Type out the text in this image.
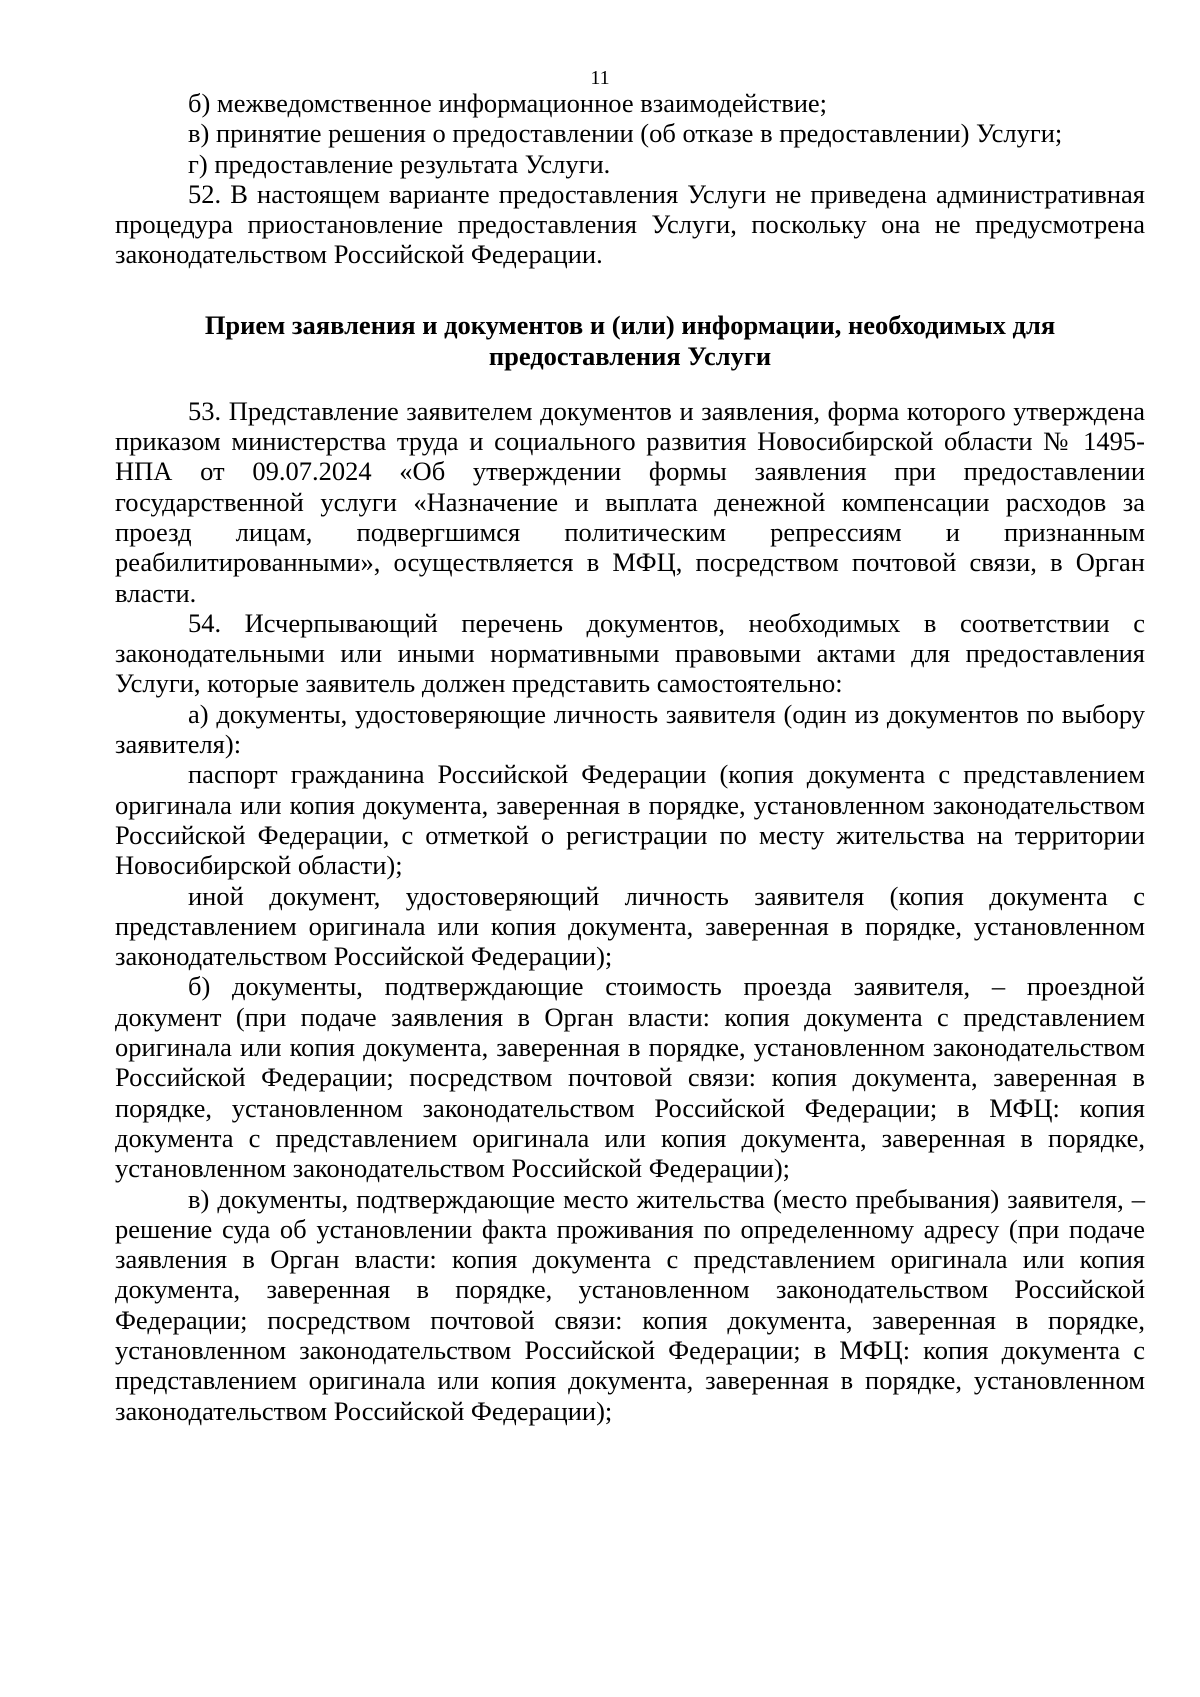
11

б) межведомственное информационное взаимодействие;

в) принятие решения о предоставлении (об отказе в предоставлении) Услуги;

г) предоставление результата Услуги.

52. В настоящем варианте предоставления Услуги не приведена административная процедура приостановление предоставления Услуги, поскольку она не предусмотрена законодательством Российской Федерации.

Прием заявления и документов и (или) информации, необходимых для
предоставления Услуги

53. Представление заявителем документов и заявления, форма которого утверждена приказом министерства труда и социального развития Новосибирской области № 1495-НПА от 09.07.2024 «Об утверждении формы заявления при предоставлении государственной услуги «Назначение и выплата денежной компенсации расходов за проезд лицам, подвергшимся политическим репрессиям и признанным реабилитированными», осуществляется в МФЦ, посредством почтовой связи, в Орган власти.

54. Исчерпывающий перечень документов, необходимых в соответствии с законодательными или иными нормативными правовыми актами для предоставления Услуги, которые заявитель должен представить самостоятельно:

а) документы, удостоверяющие личность заявителя (один из документов по выбору заявителя):

паспорт гражданина Российской Федерации (копия документа с представлением оригинала или копия документа, заверенная в порядке, установленном законодательством Российской Федерации, с отметкой о регистрации по месту жительства на территории Новосибирской области);

иной документ, удостоверяющий личность заявителя (копия документа с представлением оригинала или копия документа, заверенная в порядке, установленном законодательством Российской Федерации);

б) документы, подтверждающие стоимость проезда заявителя, – проездной документ (при подаче заявления в Орган власти: копия документа с представлением оригинала или копия документа, заверенная в порядке, установленном законодательством Российской Федерации; посредством почтовой связи: копия документа, заверенная в порядке, установленном законодательством Российской Федерации; в МФЦ: копия документа с представлением оригинала или копия документа, заверенная в порядке, установленном законодательством Российской Федерации);

в) документы, подтверждающие место жительства (место пребывания) заявителя, – решение суда об установлении факта проживания по определенному адресу (при подаче заявления в Орган власти: копия документа с представлением оригинала или копия документа, заверенная в порядке, установленном законодательством Российской Федерации; посредством почтовой связи: копия документа, заверенная в порядке, установленном законодательством Российской Федерации; в МФЦ: копия документа с представлением оригинала или копия документа, заверенная в порядке, установленном законодательством Российской Федерации);
